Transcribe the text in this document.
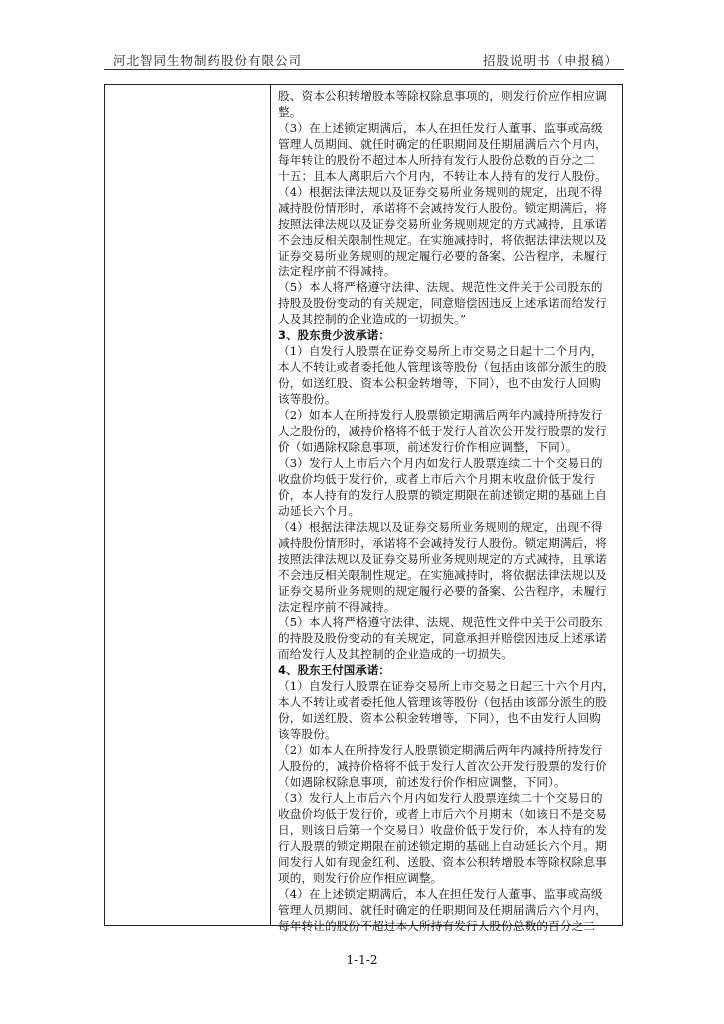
河北智同生物制药股份有限公司	招股说明书（申报稿）
股、资本公积转增股本等除权除息事项的，则发行价应作相应调
整。
（3）在上述锁定期满后，本人在担任发行人董事、监事或高级
管理人员期间、就任时确定的任职期间及任期届满后六个月内，
每年转让的股份不超过本人所持有发行人股份总数的百分之二
十五；且本人离职后六个月内，不转让本人持有的发行人股份。
（4）根据法律法规以及证券交易所业务规则的规定，出现不得
减持股份情形时，承诺将不会减持发行人股份。锁定期满后，将
按照法律法规以及证券交易所业务规则规定的方式减持，且承诺
不会违反相关限制性规定。在实施减持时，将依据法律法规以及
证券交易所业务规则的规定履行必要的备案、公告程序，未履行
法定程序前不得减持。
（5）本人将严格遵守法律、法规、规范性文件关于公司股东的
持股及股份变动的有关规定，同意赔偿因违反上述承诺而给发行
人及其控制的企业造成的一切损失。”
3、股东贵少波承诺：
（1）自发行人股票在证券交易所上市交易之日起十二个月内，
本人不转让或者委托他人管理该等股份（包括由该部分派生的股
份，如送红股、资本公积金转增等，下同），也不由发行人回购
该等股份。
（2）如本人在所持发行人股票锁定期满后两年内减持所持发行
人之股份的，减持价格将不低于发行人首次公开发行股票的发行
价（如遇除权除息事项，前述发行价作相应调整，下同）。
（3）发行人上市后六个月内如发行人股票连续二十个交易日的
收盘价均低于发行价，或者上市后六个月期末收盘价低于发行
价，本人持有的发行人股票的锁定期限在前述锁定期的基础上自
动延长六个月。
（4）根据法律法规以及证券交易所业务规则的规定，出现不得
减持股份情形时，承诺将不会减持发行人股份。锁定期满后，将
按照法律法规以及证券交易所业务规则规定的方式减持，且承诺
不会违反相关限制性规定。在实施减持时，将依据法律法规以及
证券交易所业务规则的规定履行必要的备案、公告程序，未履行
法定程序前不得减持。
（5）本人将严格遵守法律、法规、规范性文件中关于公司股东
的持股及股份变动的有关规定，同意承担并赔偿因违反上述承诺
而给发行人及其控制的企业造成的一切损失。
4、股东王付国承诺：
（1）自发行人股票在证券交易所上市交易之日起三十六个月内，
本人不转让或者委托他人管理该等股份（包括由该部分派生的股
份，如送红股、资本公积金转增等，下同），也不由发行人回购
该等股份。
（2）如本人在所持发行人股票锁定期满后两年内减持所持发行
人股份的，减持价格将不低于发行人首次公开发行股票的发行价
（如遇除权除息事项，前述发行价作相应调整，下同）。
（3）发行人上市后六个月内如发行人股票连续二十个交易日的
收盘价均低于发行价，或者上市后六个月期末（如该日不是交易
日，则该日后第一个交易日）收盘价低于发行价，本人持有的发
行人股票的锁定期限在前述锁定期的基础上自动延长六个月。期
间发行人如有现金红利、送股、资本公积转增股本等除权除息事
项的，则发行价应作相应调整。
（4）在上述锁定期满后，本人在担任发行人董事、监事或高级
管理人员期间、就任时确定的任职期间及任期届满后六个月内，
每年转让的股份不超过本人所持有发行人股份总数的百分之二
1-1-2
